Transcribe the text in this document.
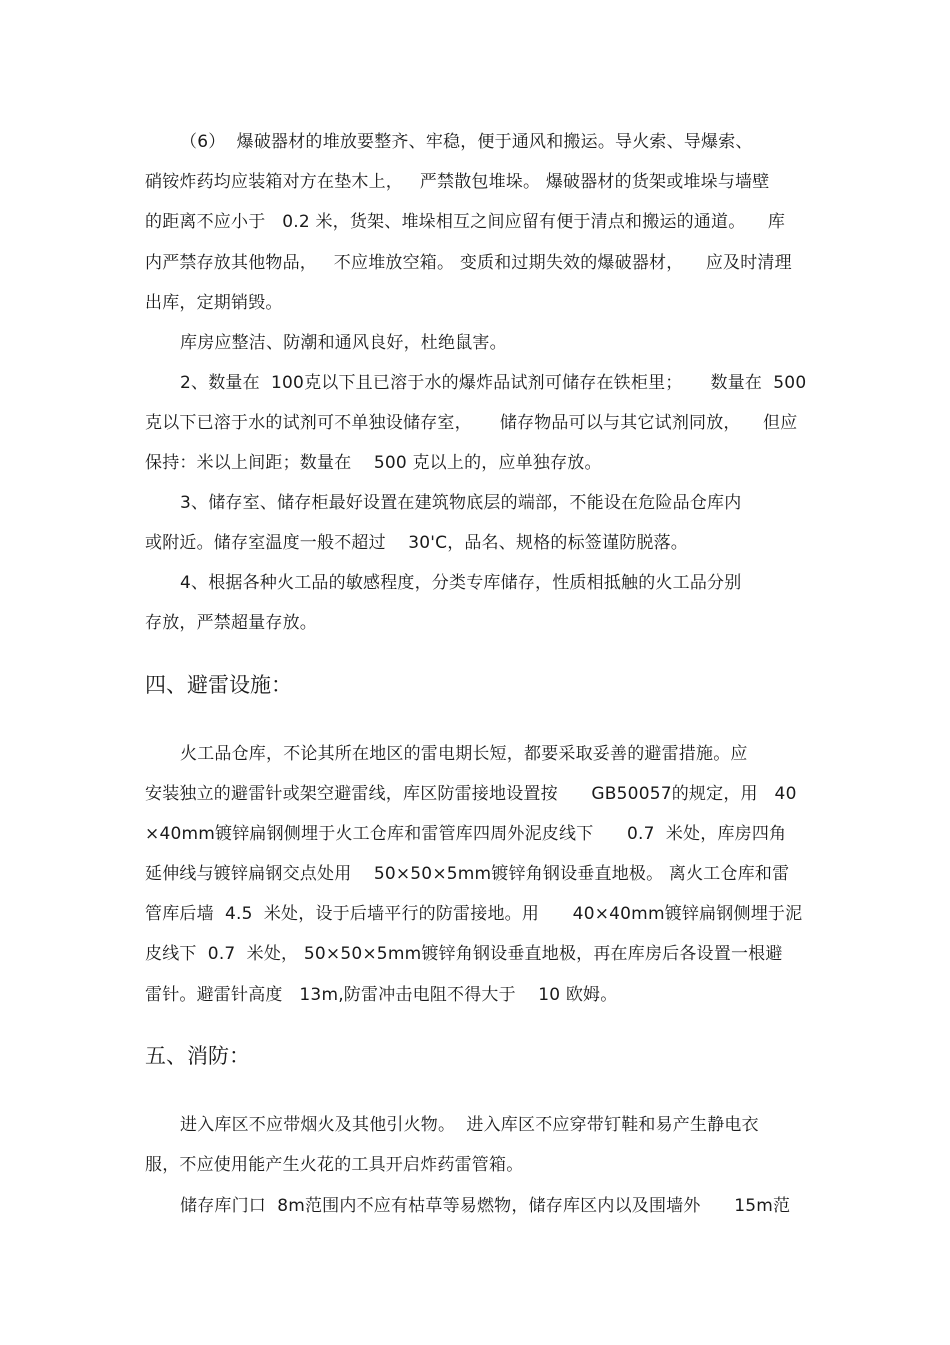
（6）  爆破器材的堆放要整齐、牢稳，便于通风和搬运。导火索、导爆索、
硝铵炸药均应装箱对方在垫木上，   严禁散包堆垛。 爆破器材的货架或堆垛与墙壁
的距离不应小于   0.2 米，货架、堆垛相互之间应留有便于清点和搬运的通道。    库
内严禁存放其他物品，   不应堆放空箱。 变质和过期失效的爆破器材，    应及时清理
出库，定期销毁。
库房应整洁、防潮和通风良好，杜绝鼠害。
2、数量在  100克以下且已溶于水的爆炸品试剂可储存在铁柜里；     数量在  500
克以下已溶于水的试剂可不单独设储存室，     储存物品可以与其它试剂同放，    但应
保持：米以上间距；数量在    500 克以上的，应单独存放。
3、储存室、储存柜最好设置在建筑物底层的端部，不能设在危险品仓库内
或附近。储存室温度一般不超过    30'C，品名、规格的标签谨防脱落。
4、根据各种火工品的敏感程度，分类专库储存，性质相抵触的火工品分别
存放，严禁超量存放。
四、避雷设施：
火工品仓库，不论其所在地区的雷电期长短，都要采取妥善的避雷措施。应
安装独立的避雷针或架空避雷线，库区防雷接地设置按      GB50057的规定，用   40
×40mm镀锌扁钢侧埋于火工仓库和雷管库四周外泥皮线下      0.7  米处，库房四角
延伸线与镀锌扁钢交点处用    50×50×5mm镀锌角钢设垂直地极。 离火工仓库和雷
管库后墙  4.5  米处，设于后墙平行的防雷接地。用      40×40mm镀锌扁钢侧埋于泥
皮线下  0.7  米处， 50×50×5mm镀锌角钢设垂直地极，再在库房后各设置一根避
雷针。避雷针高度   13m,防雷冲击电阻不得大于    10 欧姆。
五、消防：
进入库区不应带烟火及其他引火物。  进入库区不应穿带钉鞋和易产生静电衣
服，不应使用能产生火花的工具开启炸药雷管箱。
储存库门口  8m范围内不应有枯草等易燃物，储存库区内以及围墙外      15m范
